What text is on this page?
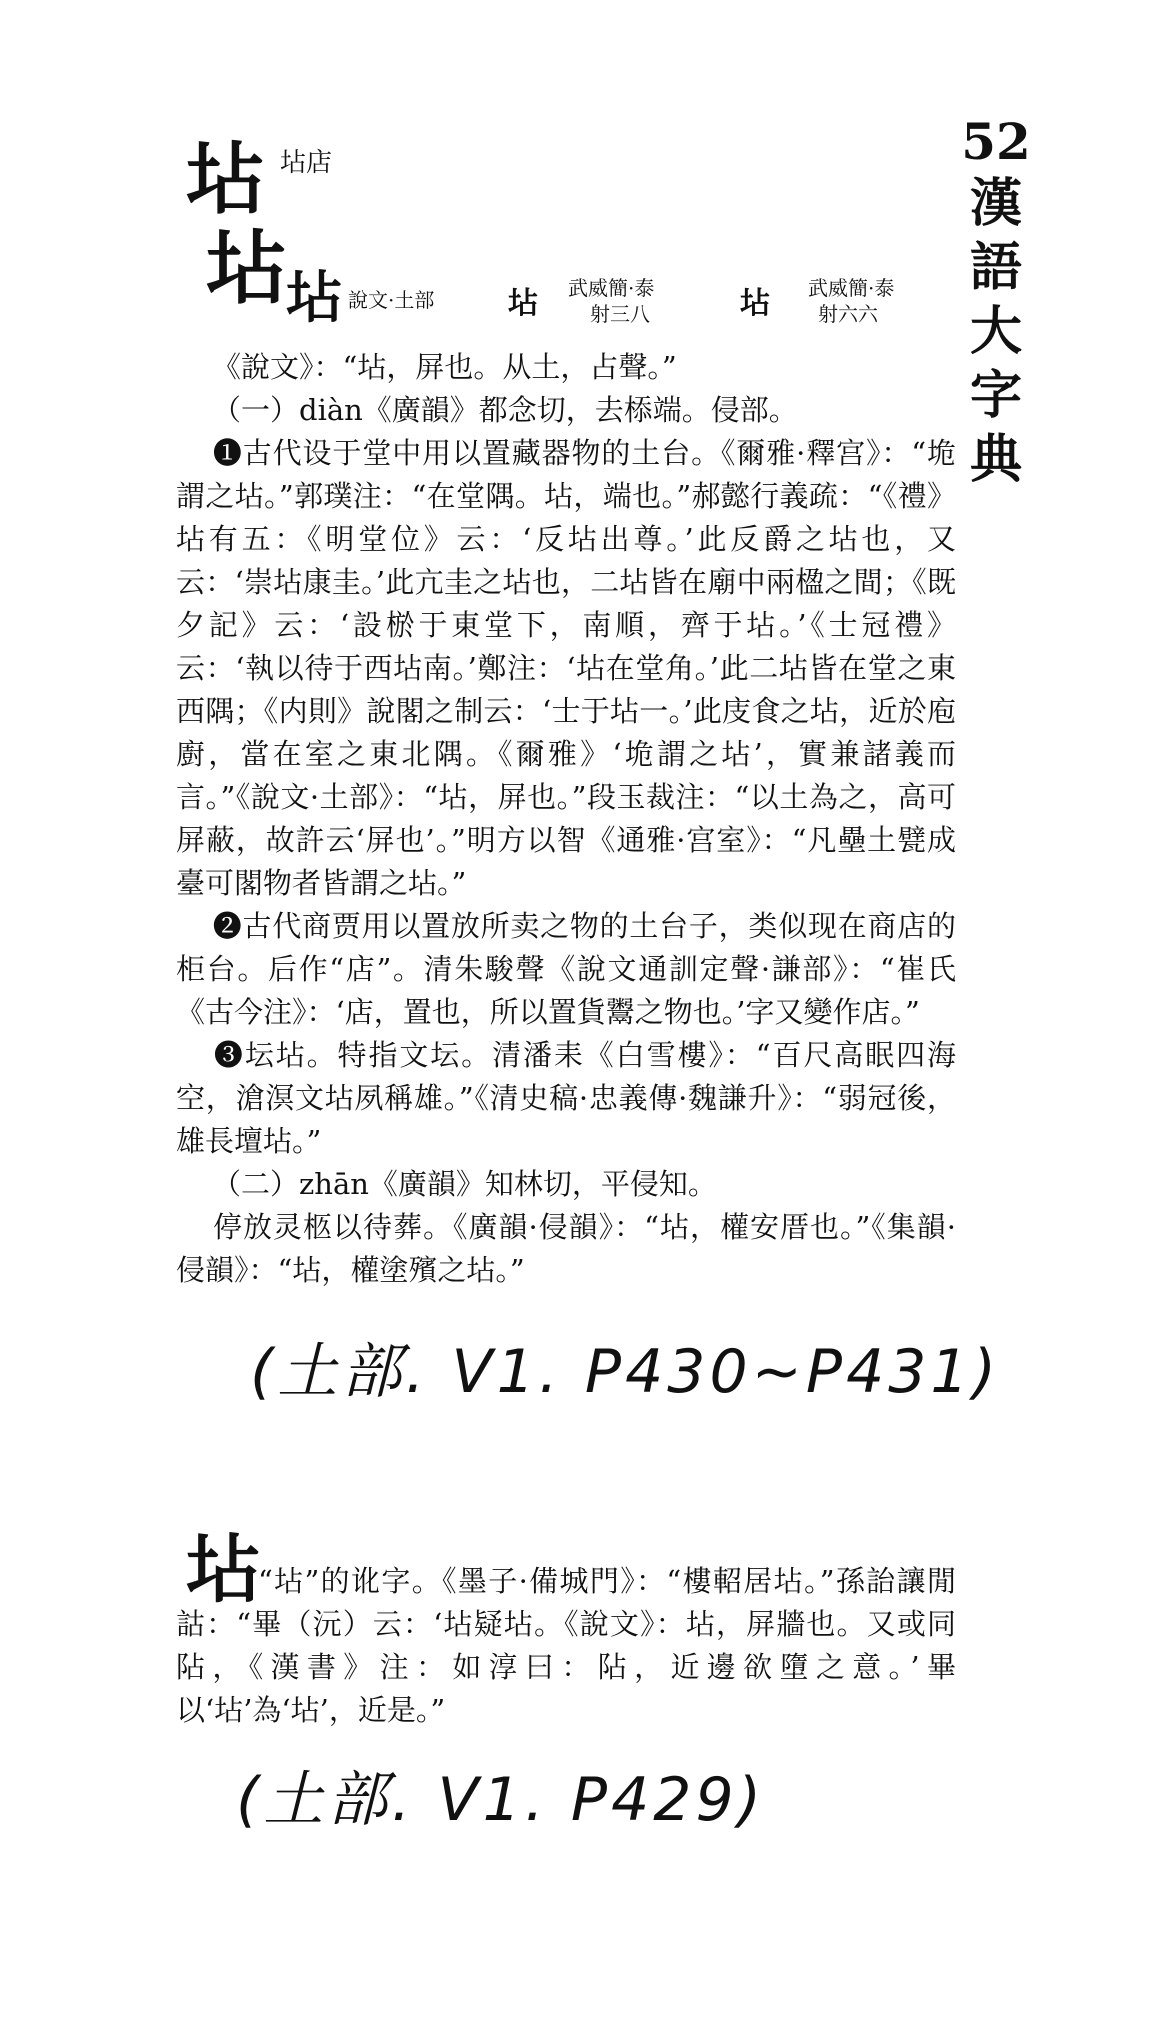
52
漢
語
大
字
典
坫 坫店
坫 坫 說文·土部 坫 武威簡·泰
射三八	坫 武威簡·泰
射六六
《說文》：“坫，屏也。从土，占聲。”
（一）diàn《廣韻》都念切，去㮇端。侵部。
❶古代设于堂中用以置藏器物的土台。《爾雅·釋宫》：“垝謂之坫。”郭璞注：“在堂隅。坫，端也。”郝懿行義疏：“《禮》坫有五：《明堂位》云：‘反坫出尊。’此反爵之坫也，又云：‘崇坫康圭。’此亢圭之坫也，二坫皆在廟中兩楹之間；《既夕記》云：‘設棜于東堂下，南順，齊于坫。’《士冠禮》云：‘執以待于西坫南。’鄭注：‘坫在堂角。’此二坫皆在堂之東西隅；《内則》說閣之制云：‘士于坫一。’此庋食之坫，近於庖廚，當在室之東北隅。《爾雅》‘垝謂之坫’，實兼諸義而言。”《說文·土部》：“坫，屏也。”段玉裁注：“以土為之，高可屏蔽，故許云‘屏也’。”明方以智《通雅·宫室》：“凡壘土甓成臺可閣物者皆謂之坫。”
❷古代商贾用以置放所卖之物的土台子，类似现在商店的柜台。后作“店”。清朱駿聲《說文通訓定聲·謙部》：“崔氏《古今注》：‘店，置也，所以置貨鬻之物也。’字又變作店。”
❸坛坫。特指文坛。清潘耒《白雪樓》：“百尺高眠四海空，滄溟文坫夙稱雄。”《清史稿·忠義傳·魏謙升》：“弱冠後，雄長壇坫。”
（二）zhān《廣韻》知林切，平侵知。
停放灵柩以待葬。《廣韻·侵韻》：“坫，權安厝也。”《集韻·侵韻》：“坫，權塗殯之坫。”
(土部. V1. P430~P431)
坫
“坫”的讹字。《墨子·備城門》：“樓軺居坫。”孫詒讓閒詁：“畢（沅）云：‘坫疑坫。《說文》：坫，屏牆也。又或同阽，《漢書》注：如淳曰：阽，近邊欲墮之意。’畢以‘坫’為‘坫’，近是。”
(土部. V1. P429)
